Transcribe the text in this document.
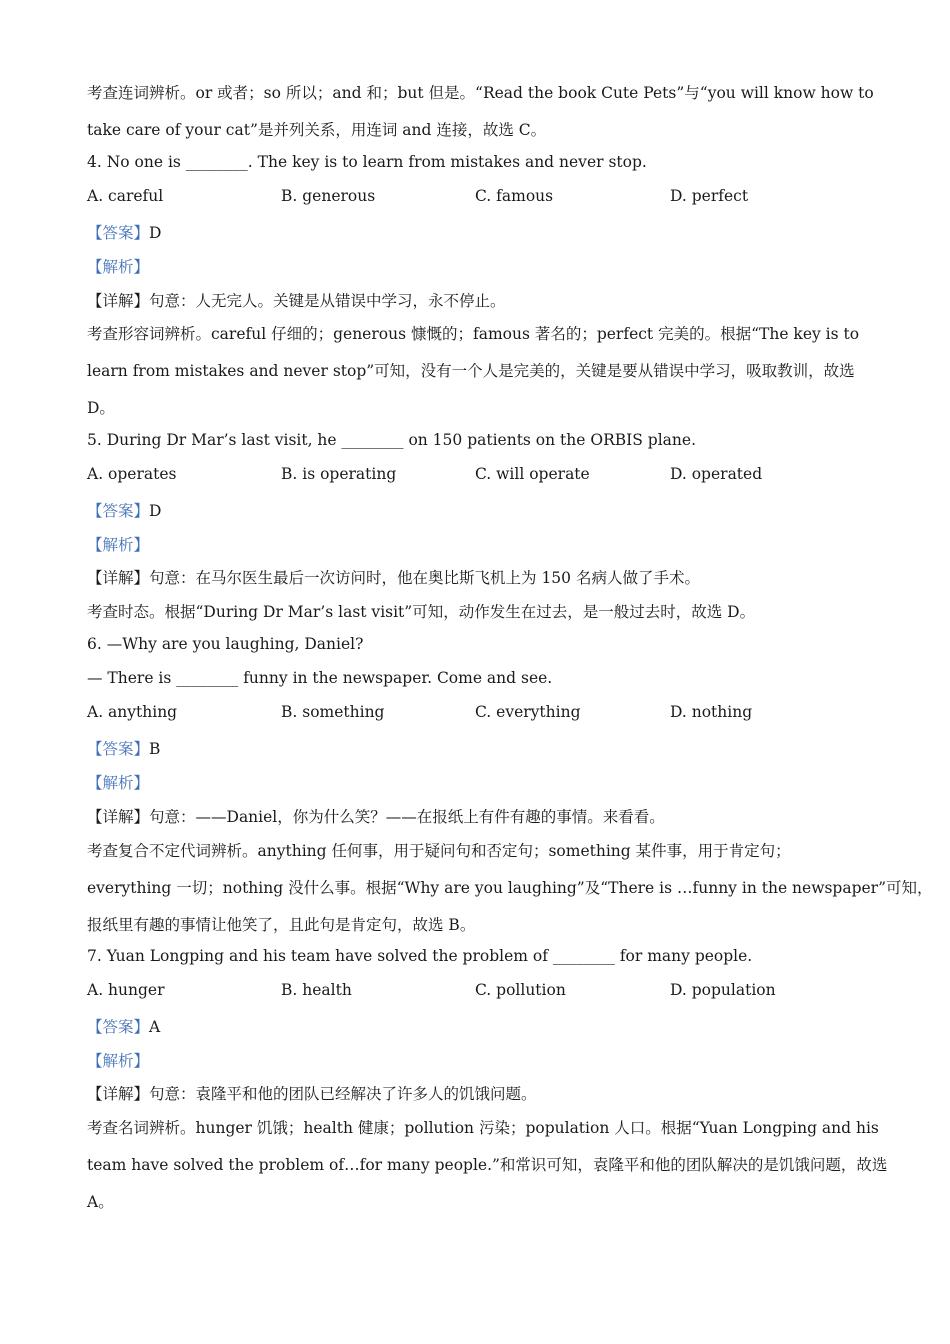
考查连词辨析。or 或者；so 所以；and 和；but 但是。“Read the book Cute Pets”与“you will know how to
take care of your cat”是并列关系，用连词 and 连接，故选 C。
4. No one is ________. The key is to learn from mistakes and never stop.
A. careful	B. generous	C. famous	D. perfect
【答案】D
【解析】
【详解】句意：人无完人。关键是从错误中学习，永不停止。
考查形容词辨析。careful 仔细的；generous 慷慨的；famous 著名的；perfect 完美的。根据“The key is to
learn from mistakes and never stop”可知，没有一个人是完美的，关键是要从错误中学习，吸取教训，故选
D。
5. During Dr Mar’s last visit, he ________ on 150 patients on the ORBIS plane.
A. operates	B. is operating	C. will operate	D. operated
【答案】D
【解析】
【详解】句意：在马尔医生最后一次访问时，他在奥比斯飞机上为 150 名病人做了手术。
考查时态。根据“During Dr Mar’s last visit”可知，动作发生在过去，是一般过去时，故选 D。
6. —Why are you laughing, Daniel?
— There is ________ funny in the newspaper. Come and see.
A. anything	B. something	C. everything	D. nothing
【答案】B
【解析】
【详解】句意：——Daniel，你为什么笑？——在报纸上有件有趣的事情。来看看。
考查复合不定代词辨析。anything 任何事，用于疑问句和否定句；something 某件事，用于肯定句；
everything 一切；nothing 没什么事。根据“Why are you laughing”及“There is …funny in the newspaper”可知，
报纸里有趣的事情让他笑了，且此句是肯定句，故选 B。
7. Yuan Longping and his team have solved the problem of ________ for many people.
A. hunger	B. health	C. pollution	D. population
【答案】A
【解析】
【详解】句意：袁隆平和他的团队已经解决了许多人的饥饿问题。
考查名词辨析。hunger 饥饿；health 健康；pollution 污染；population 人口。根据“Yuan Longping and his
team have solved the problem of…for many people.”和常识可知，袁隆平和他的团队解决的是饥饿问题，故选
A。
